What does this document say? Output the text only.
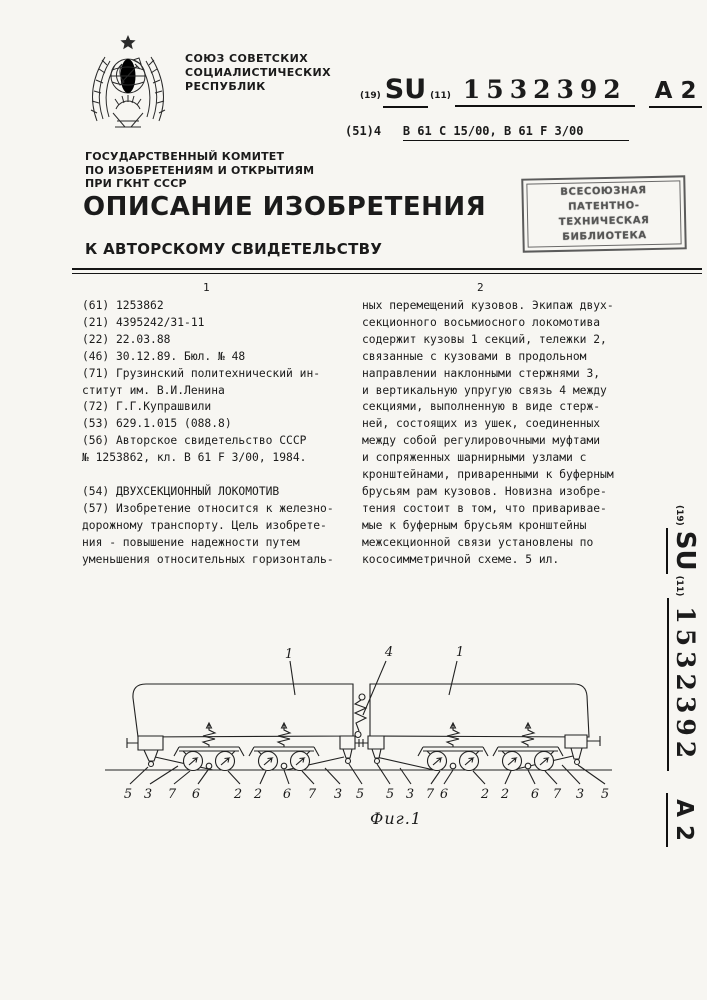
СОЮЗ СОВЕТСКИХ
СОЦИАЛИСТИЧЕСКИХ
РЕСПУБЛИК
(19) SU (11) 1532392	A 2
(51)4 B 61 C 15/00, B 61 F 3/00
ГОСУДАРСТВЕННЫЙ КОМИТЕТ
ПО ИЗОБРЕТЕНИЯМ И ОТКРЫТИЯМ
ПРИ ГКНТ СССР
ВСЕСОЮЗНАЯ
ПАТЕНТНО-ТЕХНИЧЕСКАЯ
БИБЛИОТЕКА
ОПИСАНИЕ ИЗОБРЕТЕНИЯ
К АВТОРСКОМУ СВИДЕТЕЛЬСТВУ
1	2
(61) 1253862
(21) 4395242/31-11
(22) 22.03.88
(46) 30.12.89. Бюл. № 48
(71) Грузинский политехнический ин-
ститут им. В.И.Ленина
(72) Г.Г.Купрашвили
(53) 629.1.015 (088.8)
(56) Авторское свидетельство СССР
№ 1253862, кл. B 61 F 3/00, 1984.

(54) ДВУХСЕКЦИОННЫЙ ЛОКОМОТИВ
(57) Изобретение относится к железно-
дорожному транспорту. Цель изобрете-
ния - повышение надежности путем
уменьшения относительных горизонталь-
ных перемещений кузовов. Экипаж двух-
секционного восьмиосного локомотива
содержит кузовы 1 секций, тележки 2,
связанные с кузовами в продольном
направлении наклонными стержнями 3,
и вертикальную упругую связь 4 между
секциями, выполненную в виде стерж-
ней, состоящих из ушек, соединенных
между собой регулировочными муфтами
и сопряженных шарнирными узлами с
кронштейнами, приваренными к буферным
брусьям рам кузовов. Новизна изобре-
тения состоит в том, что приваривае-
мые к буферным брусьям кронштейны
межсекционной связи установлены по
кососимметричной схеме. 5 ил.
(19)
SU
(11)
1532392
A 2
1	4	1
5 3 7 6	2 2 6 7 3 5 5 3 7 6	2 2 6 7 3 5
Фиг.1
